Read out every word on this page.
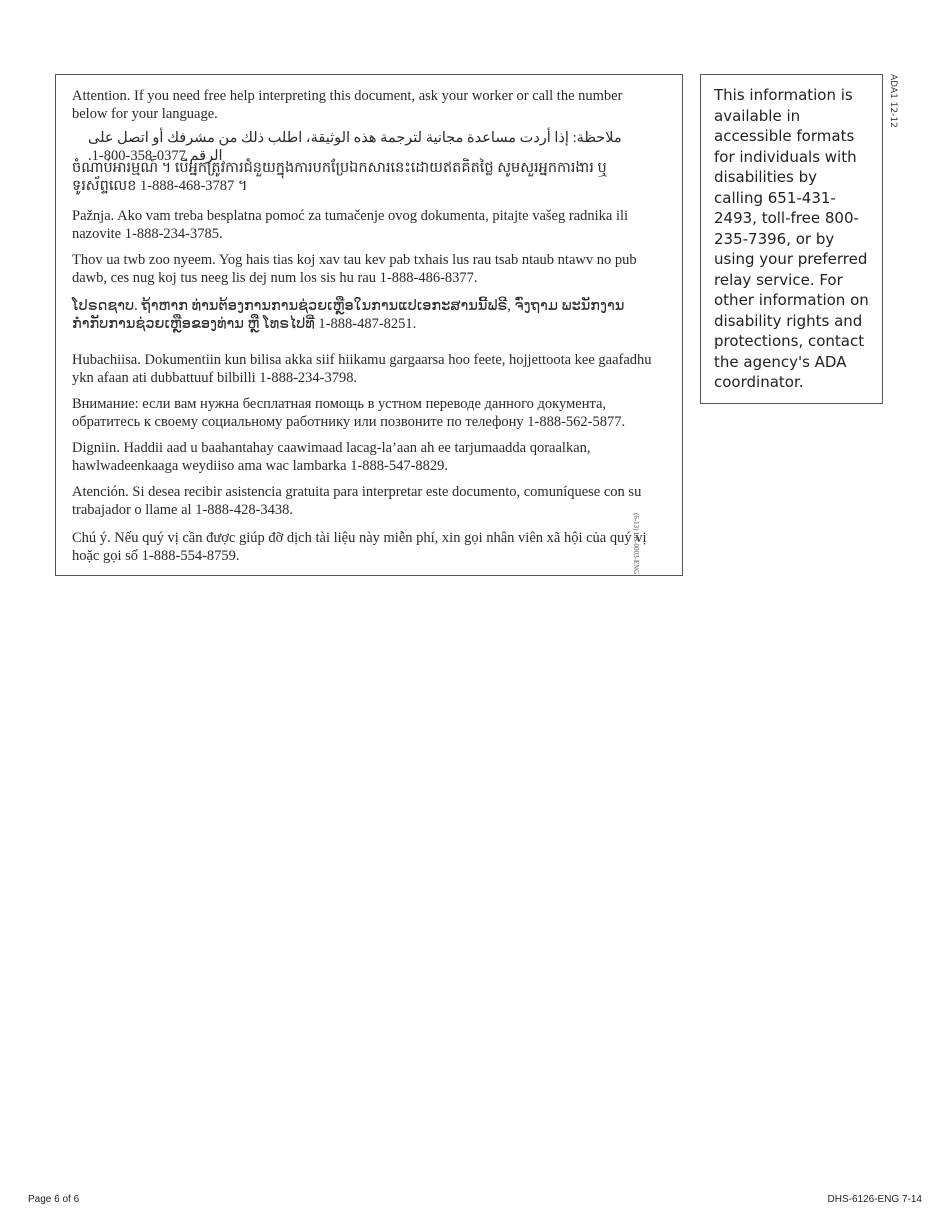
Attention. If you need free help interpreting this document, ask your worker or call the number below for your language.

ملاحظة: إذا أردت مساعدة مجانية لترجمة هذه الوثيقة، اطلب ذلك من مشرفك أو اتصل على الرقم 0377-358-800-1.

ចំណាប់អារម្មណ៍ ។ បើអ្នកត្រូវការជំនួយក្នុងការបកប្រែឯកសារនេះដោយឥតគិតថ្លៃ សូមសួរអ្នកការងារ ឬ ទូរស័ព្ទលេខ 1-888-468-3787 ។

Pažnja. Ako vam treba besplatna pomoć za tumačenje ovog dokumenta, pitajte vašeg radnika ili nazovite 1-888-234-3785.

Thov ua twb zoo nyeem. Yog hais tias koj xav tau kev pab txhais lus rau tsab ntaub ntawv no pub dawb, ces nug koj tus neeg lis dej num los sis hu rau 1-888-486-8377.

ໂປຣດຊາບ. ຖ້າຫາກ ທ່ານຕ້ອງການການຊ່ວຍເຫຼືອໃນການແປເອກະສານນີ້ຟຣີ, ຈົ່ງຖາມ ພະນັກງານກຳກັບການຊ່ວຍເຫຼືອຂອງທ່ານ ຫຼື ໂທຣໄປທີ່ 1-888-487-8251.

Hubachiisa. Dokumentiin kun bilisa akka siif hiikamu gargaarsa hoo feete, hojjettoota kee gaafadhu ykn afaan ati dubbattuuf bilbilli 1-888-234-3798.

Внимание: если вам нужна бесплатная помощь в устном переводе данного документа, обратитесь к своему социальному работнику или позвоните по телефону 1-888-562-5877.

Digniin. Haddii aad u baahantahay caawimaad lacag-la’aan ah ee tarjumaadda qoraalkan, hawlwadeenkaaga weydiiso ama wac lambarka 1-888-547-8829.

Atención. Si desea recibir asistencia gratuita para interpretar este documento, comuníquese con su trabajador o llame al 1-888-428-3438.

Chú ý. Nếu quý vị cần được giúp đỡ dịch tài liệu này miễn phí, xin gọi nhân viên xã hội của quý vị hoặc gọi số 1-888-554-8759.	(6-13) LB-0003-ENG
This information is available in accessible formats for individuals with disabilities by calling 651-431-2493, toll-free 800-235-7396, or by using your preferred relay service. For other information on disability rights and protections, contact the agency's ADA coordinator.
ADA1 12-12
Page 6 of 6	DHS-6126-ENG 7-14
